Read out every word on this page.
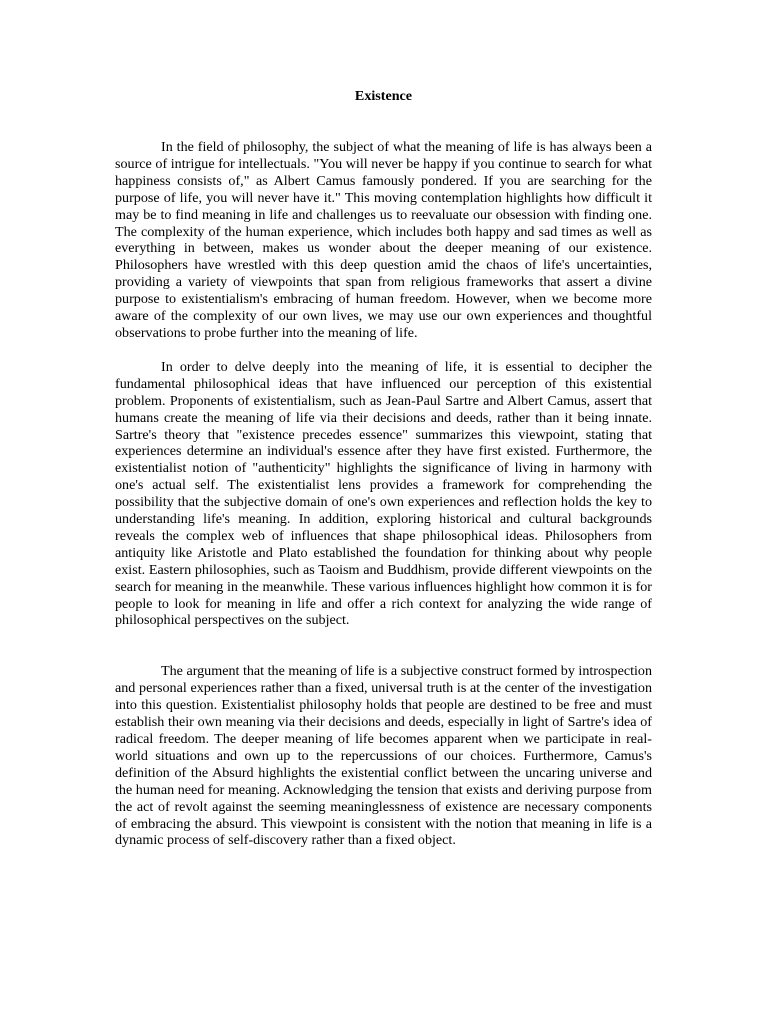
Existence

In the field of philosophy, the subject of what the meaning of life is has always been a source of intrigue for intellectuals. "You will never be happy if you continue to search for what happiness consists of," as Albert Camus famously pondered. If you are searching for the purpose of life, you will never have it." This moving contemplation highlights how difficult it may be to find meaning in life and challenges us to reevaluate our obsession with finding one. The complexity of the human experience, which includes both happy and sad times as well as everything in between, makes us wonder about the deeper meaning of our existence. Philosophers have wrestled with this deep question amid the chaos of life's uncertainties, providing a variety of viewpoints that span from religious frameworks that assert a divine purpose to existentialism's embracing of human freedom. However, when we become more aware of the complexity of our own lives, we may use our own experiences and thoughtful observations to probe further into the meaning of life.

In order to delve deeply into the meaning of life, it is essential to decipher the fundamental philosophical ideas that have influenced our perception of this existential problem. Proponents of existentialism, such as Jean-Paul Sartre and Albert Camus, assert that humans create the meaning of life via their decisions and deeds, rather than it being innate. Sartre's theory that "existence precedes essence" summarizes this viewpoint, stating that experiences determine an individual's essence after they have first existed. Furthermore, the existentialist notion of "authenticity" highlights the significance of living in harmony with one's actual self. The existentialist lens provides a framework for comprehending the possibility that the subjective domain of one's own experiences and reflection holds the key to understanding life's meaning. In addition, exploring historical and cultural backgrounds reveals the complex web of influences that shape philosophical ideas. Philosophers from antiquity like Aristotle and Plato established the foundation for thinking about why people exist. Eastern philosophies, such as Taoism and Buddhism, provide different viewpoints on the search for meaning in the meanwhile. These various influences highlight how common it is for people to look for meaning in life and offer a rich context for analyzing the wide range of philosophical perspectives on the subject.

The argument that the meaning of life is a subjective construct formed by introspection and personal experiences rather than a fixed, universal truth is at the center of the investigation into this question. Existentialist philosophy holds that people are destined to be free and must establish their own meaning via their decisions and deeds, especially in light of Sartre's idea of radical freedom. The deeper meaning of life becomes apparent when we participate in real-world situations and own up to the repercussions of our choices. Furthermore, Camus's definition of the Absurd highlights the existential conflict between the uncaring universe and the human need for meaning. Acknowledging the tension that exists and deriving purpose from the act of revolt against the seeming meaninglessness of existence are necessary components of embracing the absurd. This viewpoint is consistent with the notion that meaning in life is a dynamic process of self-discovery rather than a fixed object.
